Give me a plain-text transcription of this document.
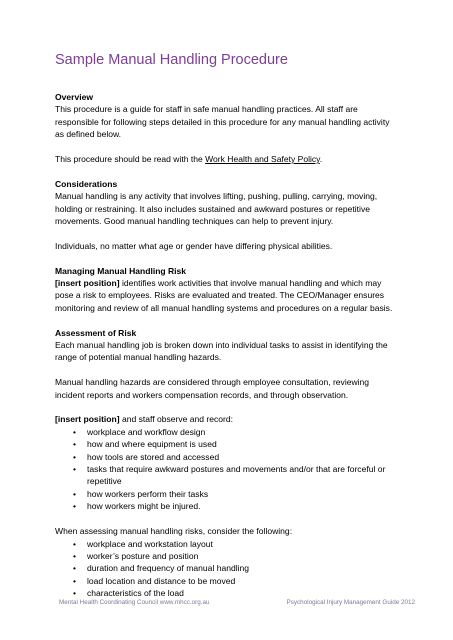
Sample Manual Handling Procedure

Overview

This procedure is a guide for staff in safe manual handling practices. All staff are responsible for following steps detailed in this procedure for any manual handling activity as defined below.

This procedure should be read with the Work Health and Safety Policy.

Considerations

Manual handling is any activity that involves lifting, pushing, pulling, carrying, moving, holding or restraining. It also includes sustained and awkward postures or repetitive movements. Good manual handling techniques can help to prevent injury.

Individuals, no matter what age or gender have differing physical abilities.

Managing Manual Handling Risk

[insert position] identifies work activities that involve manual handling and which may pose a risk to employees. Risks are evaluated and treated. The CEO/Manager ensures monitoring and review of all manual handling systems and procedures on a regular basis.

Assessment of Risk

Each manual handling job is broken down into individual tasks to assist in identifying the range of potential manual handling hazards.

Manual handling hazards are considered through employee consultation, reviewing incident reports and workers compensation records, and through observation.

[insert position] and staff observe and record:

• workplace and workflow design
• how and where equipment is used
• how tools are stored and accessed
• tasks that require awkward postures and movements and/or that are forceful or repetitive
• how workers perform their tasks
• how workers might be injured.

When assessing manual handling risks, consider the following:

• workplace and workstation layout
• worker’s posture and position
• duration and frequency of manual handling
• load location and distance to be moved
• characteristics of the load
Mental Health Coordinating Council www.mhcc.org.au	Psychological Injury Management Guide 2012
